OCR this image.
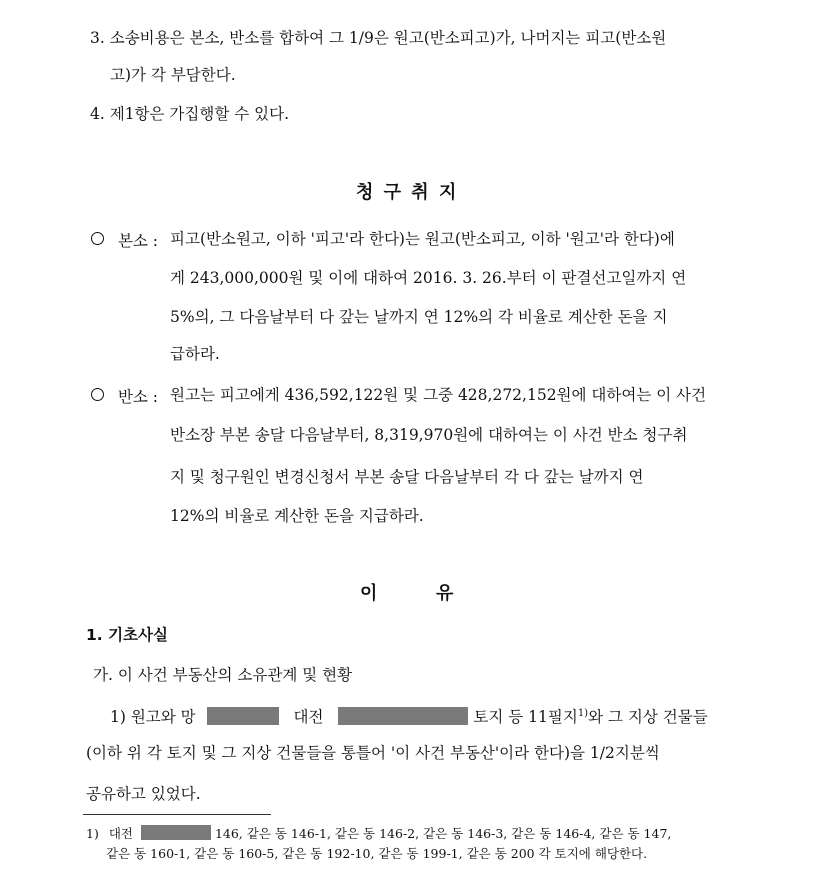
3. 소송비용은 본소, 반소를 합하여 그 1/9은 원고(반소피고)가, 나머지는 피고(반소원
고)가 각 부담한다.
4. 제1항은 가집행할 수 있다.
청 구 취 지
본소 : 피고(반소원고, 이하 '피고'라 한다)는 원고(반소피고, 이하 '원고'라 한다)에
게 243,000,000원 및 이에 대하여 2016. 3. 26.부터 이 판결선고일까지 연
5%의, 그 다음날부터 다 갚는 날까지 연 12%의 각 비율로 계산한 돈을 지
급하라.
반소 : 원고는 피고에게 436,592,122원 및 그중 428,272,152원에 대하여는 이 사건
반소장 부본 송달 다음날부터, 8,319,970원에 대하여는 이 사건 반소 청구취
지 및 청구원인 변경신청서 부본 송달 다음날부터 각 다 갚는 날까지 연
12%의 비율로 계산한 돈을 지급하라.
이	유
1. 기초사실
가. 이 사건 부동산의 소유관계 및 현황
1) 원고와 망	대전	토지 등 11필지$^{1)}$와 그 지상 건물들
(이하 위 각 토지 및 그 지상 건물들을 통틀어 '이 사건 부동산'이라 한다)을 1/2지분씩
공유하고 있었다.
1) 대전	146, 같은 동 146-1, 같은 동 146-2, 같은 동 146-3, 같은 동 146-4, 같은 동 147,
같은 동 160-1, 같은 동 160-5, 같은 동 192-10, 같은 동 199-1, 같은 동 200 각 토지에 해당한다.
